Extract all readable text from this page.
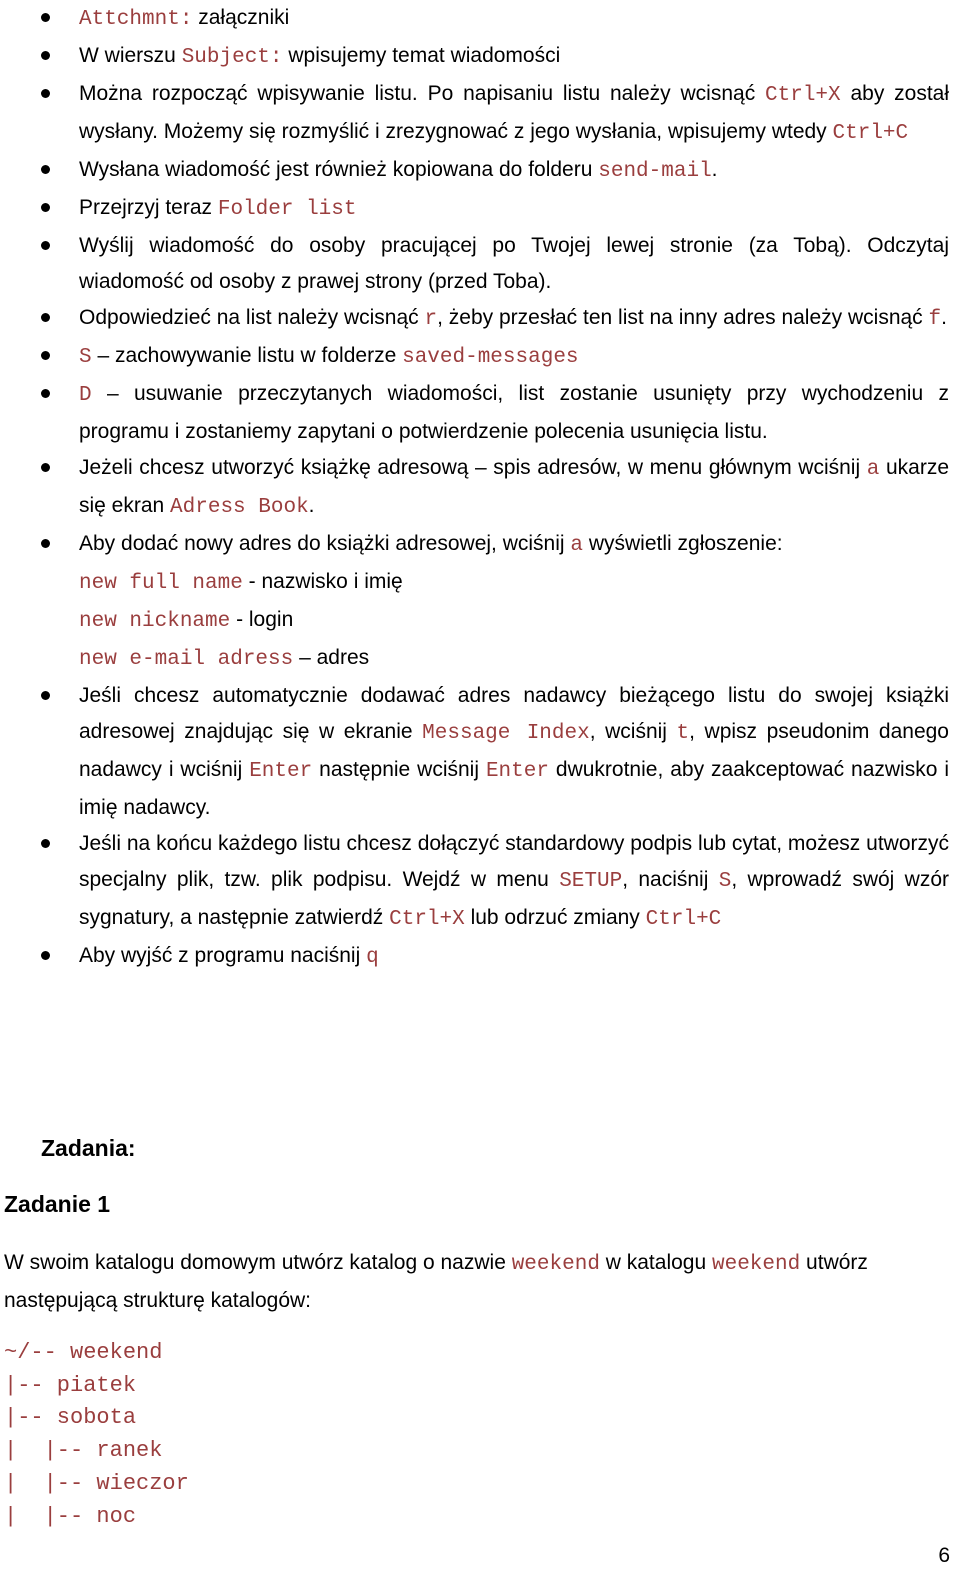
Attchmnt: załączniki
W wierszu Subject: wpisujemy temat wiadomości
Można rozpocząć wpisywanie listu. Po napisaniu listu należy wcisnąć Ctrl+X aby został wysłany. Możemy się rozmyślić i zrezygnować z jego wysłania, wpisujemy wtedy Ctrl+C
Wysłana wiadomość jest również kopiowana do folderu send-mail.
Przejrzyj teraz Folder list
Wyślij wiadomość do osoby pracującej po Twojej lewej stronie (za Tobą). Odczytaj wiadomość od osoby z prawej strony (przed Toba).
Odpowiedzieć na list należy wcisnąć r, żeby przesłać ten list na inny adres należy wcisnąć f.
S – zachowywanie listu w folderze saved-messages
D – usuwanie przeczytanych wiadomości, list zostanie usunięty przy wychodzeniu z programu i zostaniemy zapytani o potwierdzenie polecenia usunięcia listu.
Jeżeli chcesz utworzyć książkę adresową – spis adresów, w menu głównym wciśnij a ukarze się ekran Adress Book.
Aby dodać nowy adres do książki adresowej, wciśnij a wyświetli zgłoszenie:
new full name - nazwisko i imię
new nickname - login
new e-mail adress – adres
Jeśli chcesz automatycznie dodawać adres nadawcy bieżącego listu do swojej książki adresowej znajdując się w ekranie Message Index, wciśnij t, wpisz pseudonim danego nadawcy i wciśnij Enter następnie wciśnij Enter dwukrotnie, aby zaakceptować nazwisko i imię nadawcy.
Jeśli na końcu każdego listu chcesz dołączyć standardowy podpis lub cytat, możesz utworzyć specjalny plik, tzw. plik podpisu. Wejdź w menu SETUP, naciśnij S, wprowadź swój wzór sygnatury, a następnie zatwierdź Ctrl+X lub odrzuć zmiany Ctrl+C
Aby wyjść z programu naciśnij q
Zadania:
Zadanie 1
W swoim katalogu domowym utwórz katalog o nazwie weekend w katalogu weekend utwórz następującą strukturę katalogów:
~/-- weekend
|-- piatek
|-- sobota
|  |-- ranek
|  |-- wieczor
|  |-- noc
6
